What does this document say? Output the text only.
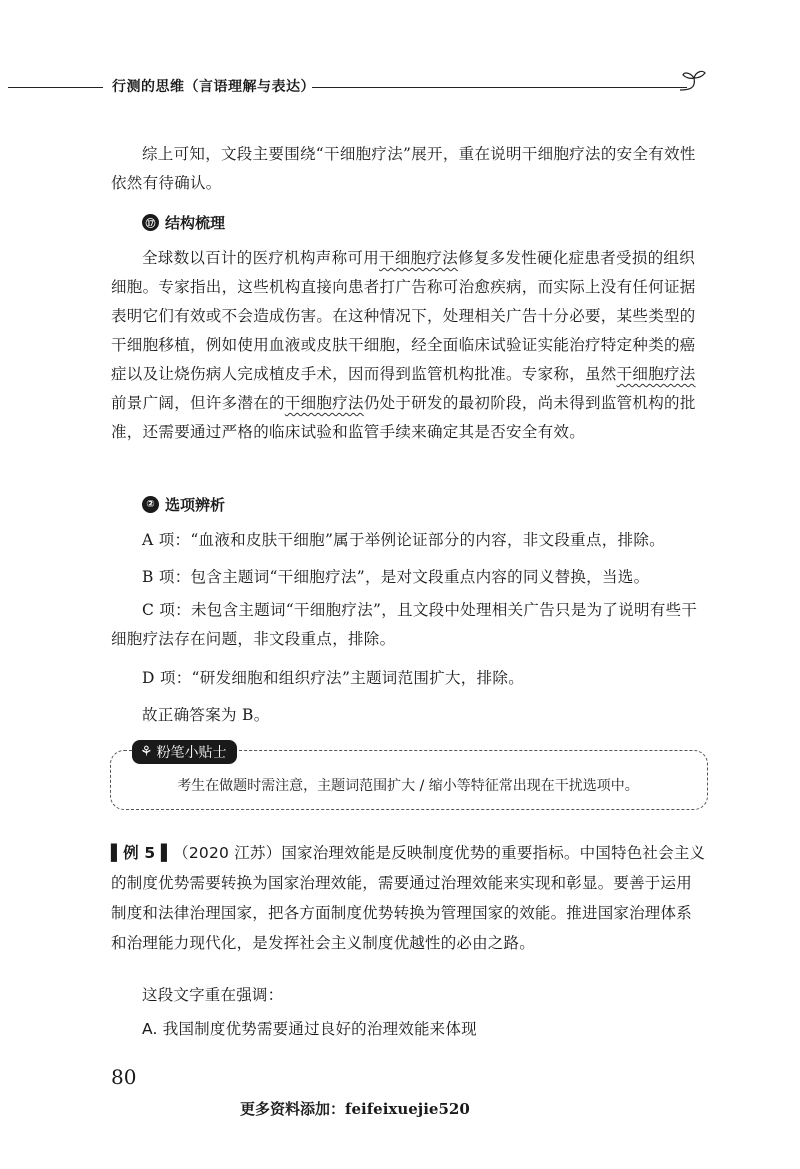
行测的思维（言语理解与表达）
综上可知，文段主要围绕“干细胞疗法”展开，重在说明干细胞疗法的安全有效性依然有待确认。
⑰ 结构梳理
全球数以百计的医疗机构声称可用干细胞疗法修复多发性硬化症患者受损的组织细胞。专家指出，这些机构直接向患者打广告称可治愈疾病，而实际上没有任何证据表明它们有效或不会造成伤害。在这种情况下，处理相关广告十分必要，某些类型的干细胞移植，例如使用血液或皮肤干细胞，经全面临床试验证实能治疗特定种类的癌症以及让烧伤病人完成植皮手术，因而得到监管机构批准。专家称，虽然干细胞疗法前景广阔，但许多潜在的干细胞疗法仍处于研发的最初阶段，尚未得到监管机构的批准，还需要通过严格的临床试验和监管手续来确定其是否安全有效。
② 选项辨析
A 项：“血液和皮肤干细胞”属于举例论证部分的内容，非文段重点，排除。
B 项：包含主题词“干细胞疗法”，是对文段重点内容的同义替换，当选。
C 项：未包含主题词“干细胞疗法”，且文段中处理相关广告只是为了说明有些干细胞疗法存在问题，非文段重点，排除。
D 项：“研发细胞和组织疗法”主题词范围扩大，排除。
故正确答案为 B。
⚘ 粉笔小贴士
考生在做题时需注意，主题词范围扩大 / 缩小等特征常出现在干扰选项中。
▌例 5 ▌（2020 江苏）国家治理效能是反映制度优势的重要指标。中国特色社会主义的制度优势需要转换为国家治理效能，需要通过治理效能来实现和彰显。要善于运用制度和法律治理国家，把各方面制度优势转换为管理国家的效能。推进国家治理体系和治理能力现代化，是发挥社会主义制度优越性的必由之路。
这段文字重在强调：
A. 我国制度优势需要通过良好的治理效能来体现
80
更多资料添加：feifeixuejie520
